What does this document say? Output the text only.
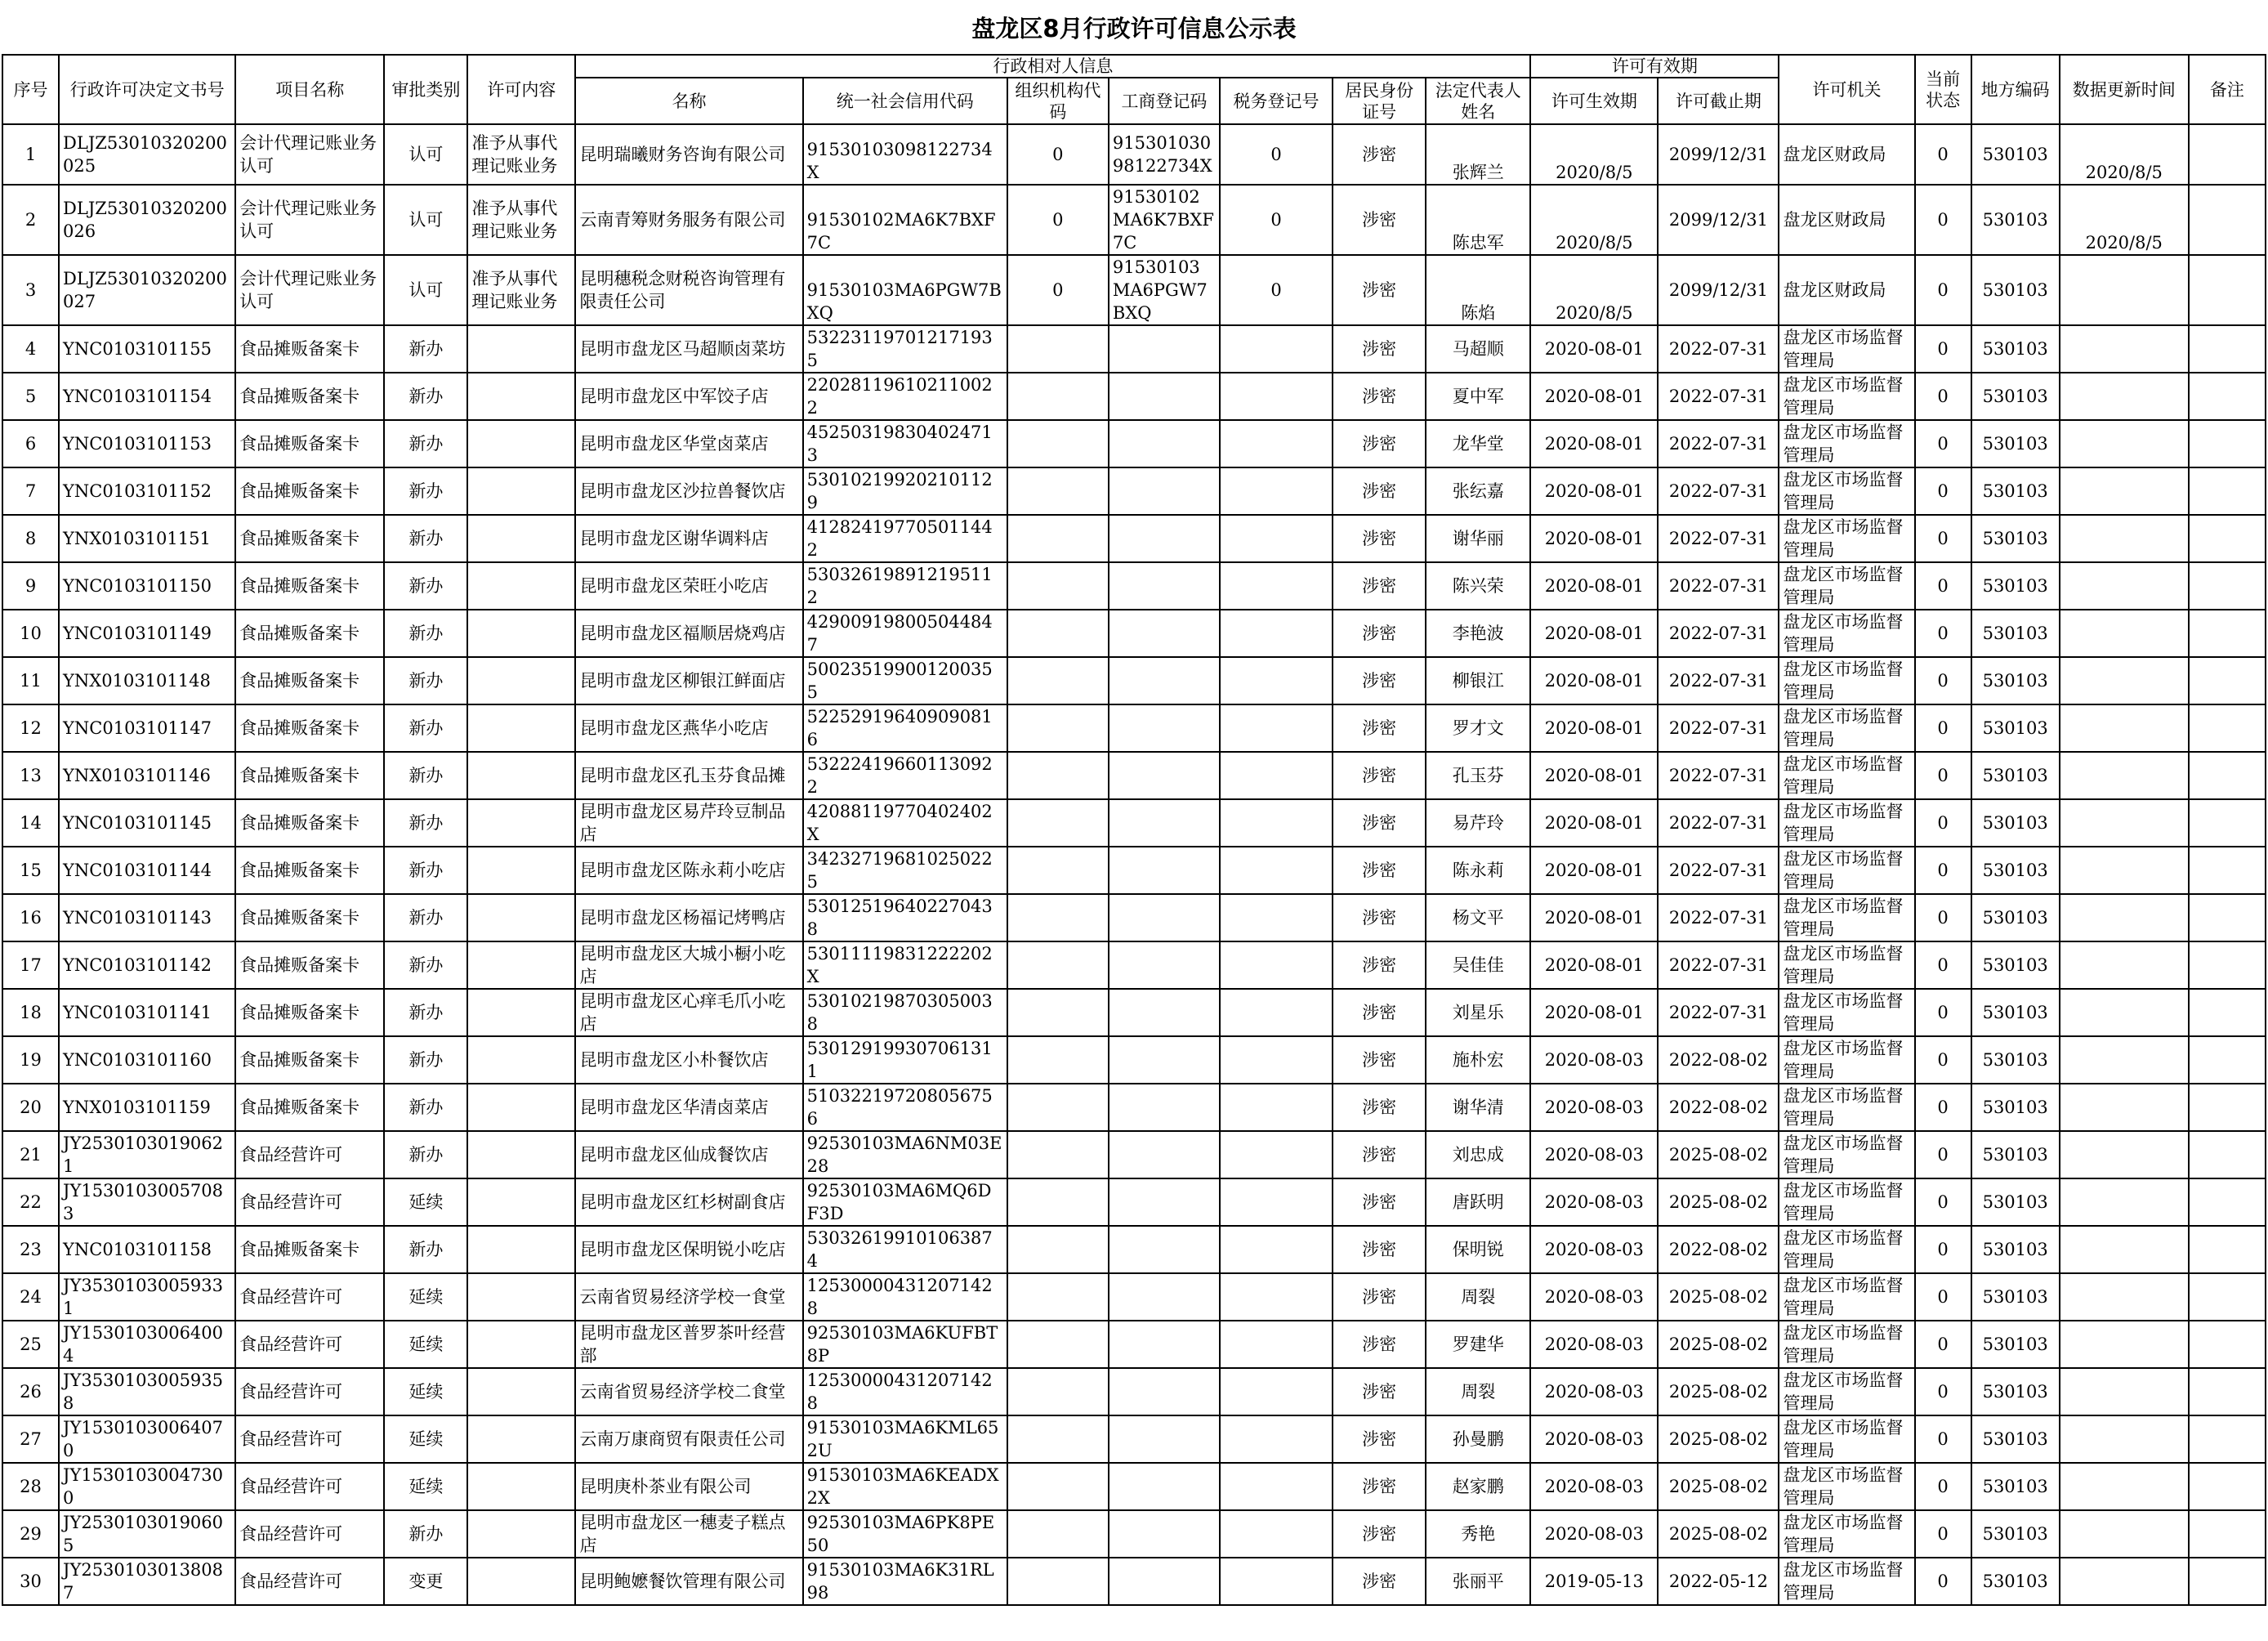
盘龙区8月行政许可信息公示表
序号	行政许可决定文书号	项目名称	审批类别	许可内容	行政相对人信息							许可有效期		许可机关	当前状态	地方编码	数据更新时间	备注
					名称	统一社会信用代码	组织机构代码	工商登记码	税务登记号	居民身份证号	法定代表人姓名	许可生效期	许可截止期					
1	DLJZ53010320200025	会计代理记账业务认可	认可	准予从事代理记账业务	昆明瑞曦财务咨询有限公司	91530103098122734X	0	91530103098122734X	0	涉密	张辉兰	2020/8/5	2099/12/31	盘龙区财政局	0	530103	2020/8/5	
2	DLJZ53010320200026	会计代理记账业务认可	认可	准予从事代理记账业务	云南青筹财务服务有限公司	91530102MA6K7BXF7C	0	91530102MA6K7BXF7C	0	涉密	陈忠军	2020/8/5	2099/12/31	盘龙区财政局	0	530103	2020/8/5	
3	DLJZ53010320200027	会计代理记账业务认可	认可	准予从事代理记账业务	昆明穗税念财税咨询管理有限责任公司	91530103MA6PGW7BXQ	0	91530103MA6PGW7BXQ	0	涉密	陈焰	2020/8/5	2099/12/31	盘龙区财政局	0	530103		
4	YNC0103101155	食品摊贩备案卡	新办		昆明市盘龙区马超顺卤菜坊	532231197012171935				涉密	马超顺	2020-08-01	2022-07-31	盘龙区市场监督管理局	0	530103		
5	YNC0103101154	食品摊贩备案卡	新办		昆明市盘龙区中军饺子店	220281196102110022				涉密	夏中军	2020-08-01	2022-07-31	盘龙区市场监督管理局	0	530103		
6	YNC0103101153	食品摊贩备案卡	新办		昆明市盘龙区华堂卤菜店	452503198304024713				涉密	龙华堂	2020-08-01	2022-07-31	盘龙区市场监督管理局	0	530103		
7	YNC0103101152	食品摊贩备案卡	新办		昆明市盘龙区沙拉兽餐饮店	530102199202101129				涉密	张纭嘉	2020-08-01	2022-07-31	盘龙区市场监督管理局	0	530103		
8	YNX0103101151	食品摊贩备案卡	新办		昆明市盘龙区谢华调料店	412824197705011442				涉密	谢华丽	2020-08-01	2022-07-31	盘龙区市场监督管理局	0	530103		
9	YNC0103101150	食品摊贩备案卡	新办		昆明市盘龙区荣旺小吃店	530326198912195112				涉密	陈兴荣	2020-08-01	2022-07-31	盘龙区市场监督管理局	0	530103		
10	YNC0103101149	食品摊贩备案卡	新办		昆明市盘龙区福顺居烧鸡店	429009198005044847				涉密	李艳波	2020-08-01	2022-07-31	盘龙区市场监督管理局	0	530103		
11	YNX0103101148	食品摊贩备案卡	新办		昆明市盘龙区柳银江鲜面店	500235199001200355				涉密	柳银江	2020-08-01	2022-07-31	盘龙区市场监督管理局	0	530103		
12	YNC0103101147	食品摊贩备案卡	新办		昆明市盘龙区燕华小吃店	522529196409090816				涉密	罗才文	2020-08-01	2022-07-31	盘龙区市场监督管理局	0	530103		
13	YNX0103101146	食品摊贩备案卡	新办		昆明市盘龙区孔玉芬食品摊	532224196601130922				涉密	孔玉芬	2020-08-01	2022-07-31	盘龙区市场监督管理局	0	530103		
14	YNC0103101145	食品摊贩备案卡	新办		昆明市盘龙区易芹玲豆制品店	42088119770402402X				涉密	易芹玲	2020-08-01	2022-07-31	盘龙区市场监督管理局	0	530103		
15	YNC0103101144	食品摊贩备案卡	新办		昆明市盘龙区陈永莉小吃店	342327196810250225				涉密	陈永莉	2020-08-01	2022-07-31	盘龙区市场监督管理局	0	530103		
16	YNC0103101143	食品摊贩备案卡	新办		昆明市盘龙区杨福记烤鸭店	530125196402270438				涉密	杨文平	2020-08-01	2022-07-31	盘龙区市场监督管理局	0	530103		
17	YNC0103101142	食品摊贩备案卡	新办		昆明市盘龙区大城小橱小吃店	53011119831222202X				涉密	吴佳佳	2020-08-01	2022-07-31	盘龙区市场监督管理局	0	530103		
18	YNC0103101141	食品摊贩备案卡	新办		昆明市盘龙区心痒毛爪小吃店	530102198703050038				涉密	刘星乐	2020-08-01	2022-07-31	盘龙区市场监督管理局	0	530103		
19	YNC0103101160	食品摊贩备案卡	新办		昆明市盘龙区小朴餐饮店	530129199307061311				涉密	施朴宏	2020-08-03	2022-08-02	盘龙区市场监督管理局	0	530103		
20	YNX0103101159	食品摊贩备案卡	新办		昆明市盘龙区华清卤菜店	510322197208056756				涉密	谢华清	2020-08-03	2022-08-02	盘龙区市场监督管理局	0	530103		
21	JY25301030190621	食品经营许可	新办		昆明市盘龙区仙成餐饮店	92530103MA6NM03E28				涉密	刘忠成	2020-08-03	2025-08-02	盘龙区市场监督管理局	0	530103		
22	JY15301030057083	食品经营许可	延续		昆明市盘龙区红杉树副食店	92530103MA6MQ6DF3D				涉密	唐跃明	2020-08-03	2025-08-02	盘龙区市场监督管理局	0	530103		
23	YNC0103101158	食品摊贩备案卡	新办		昆明市盘龙区保明锐小吃店	530326199101063874				涉密	保明锐	2020-08-03	2022-08-02	盘龙区市场监督管理局	0	530103		
24	JY35301030059331	食品经营许可	延续		云南省贸易经济学校一食堂	125300004312071428				涉密	周裂	2020-08-03	2025-08-02	盘龙区市场监督管理局	0	530103		
25	JY15301030064004	食品经营许可	延续		昆明市盘龙区普罗茶叶经营部	92530103MA6KUFBT8P				涉密	罗建华	2020-08-03	2025-08-02	盘龙区市场监督管理局	0	530103		
26	JY35301030059358	食品经营许可	延续		云南省贸易经济学校二食堂	125300004312071428				涉密	周裂	2020-08-03	2025-08-02	盘龙区市场监督管理局	0	530103		
27	JY15301030064070	食品经营许可	延续		云南万康商贸有限责任公司	91530103MA6KML652U				涉密	孙曼鹏	2020-08-03	2025-08-02	盘龙区市场监督管理局	0	530103		
28	JY15301030047300	食品经营许可	延续		昆明庚朴茶业有限公司	91530103MA6KEADX2X				涉密	赵家鹏	2020-08-03	2025-08-02	盘龙区市场监督管理局	0	530103		
29	JY25301030190605	食品经营许可	新办		昆明市盘龙区一穗麦子糕点店	92530103MA6PK8PE50				涉密	秀艳	2020-08-03	2025-08-02	盘龙区市场监督管理局	0	530103		
30	JY25301030138087	食品经营许可	变更		昆明鲍嬷餐饮管理有限公司	91530103MA6K31RL98				涉密	张丽平	2019-05-13	2022-05-12	盘龙区市场监督管理局	0	530103		
